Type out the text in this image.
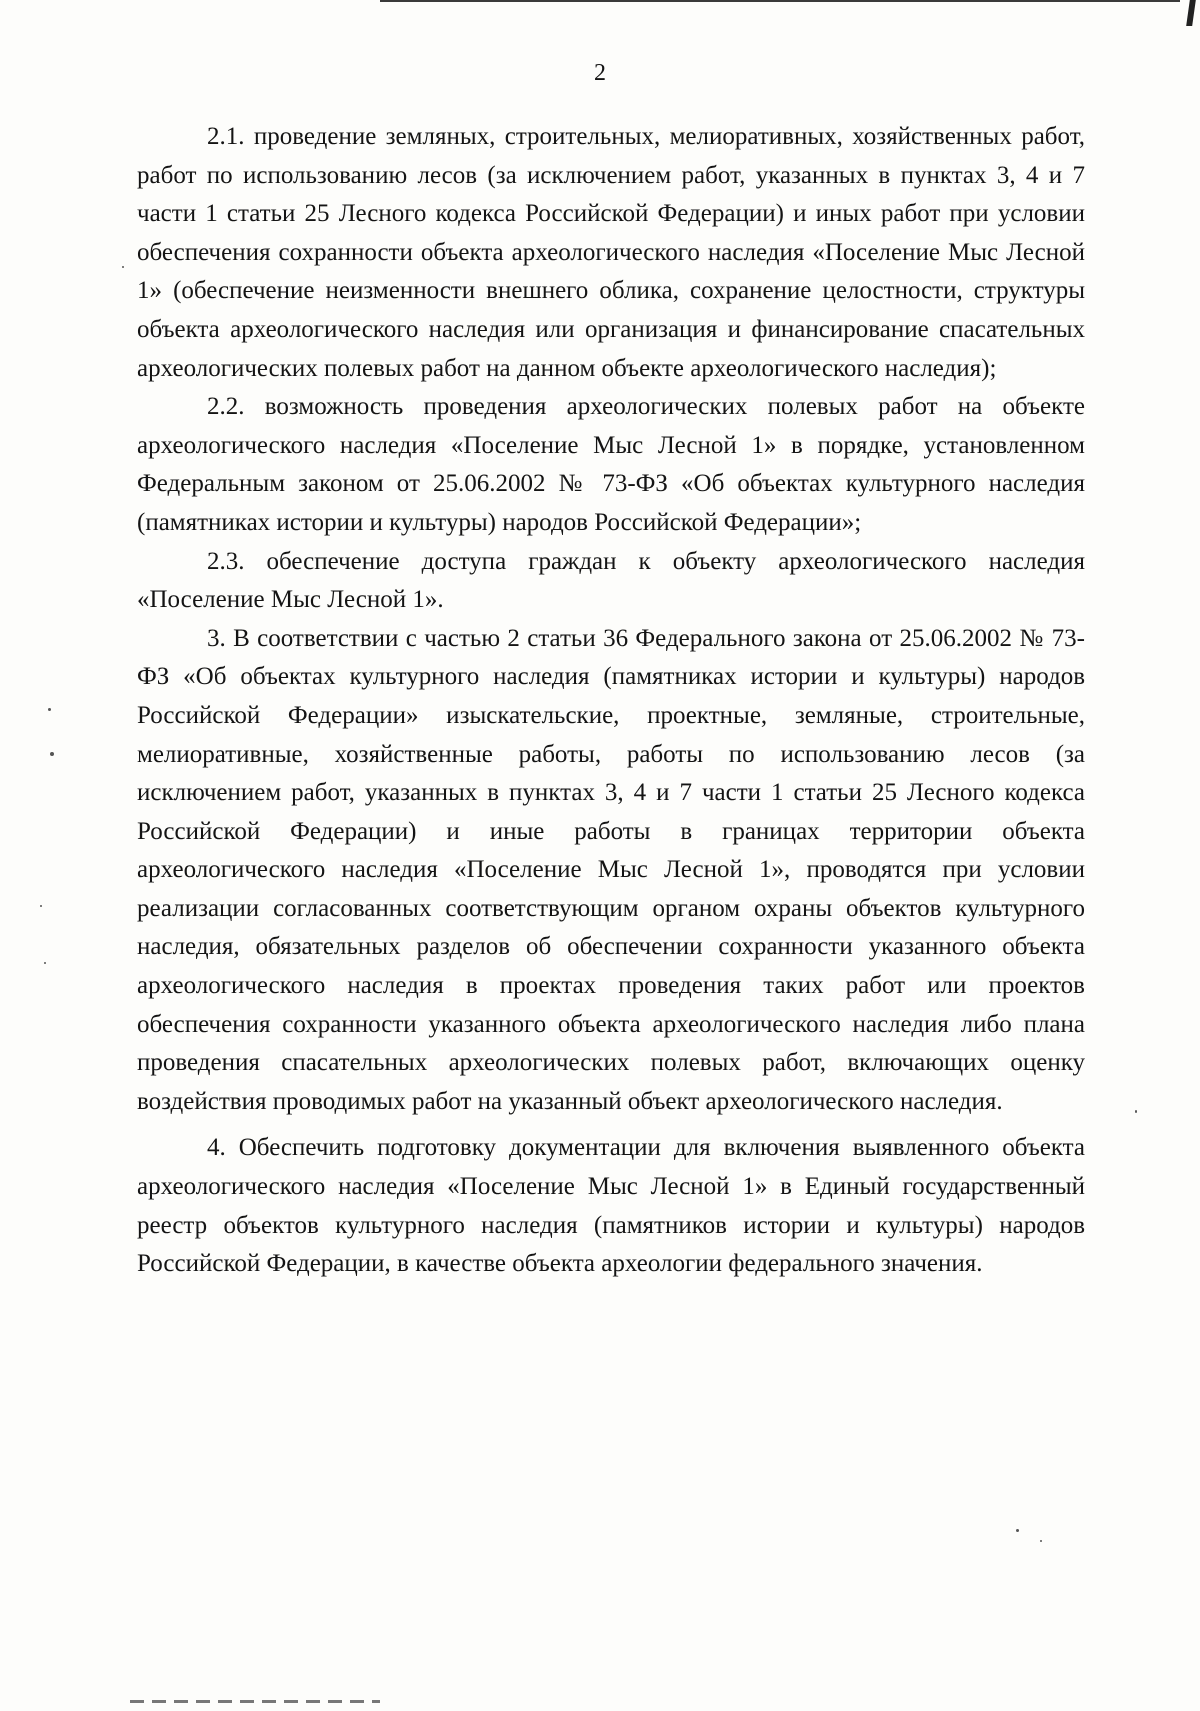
2

2.1. проведение земляных, строительных, мелиоративных, хозяйственных работ, работ по использованию лесов (за исключением работ, указанных в пунктах 3, 4 и 7 части 1 статьи 25 Лесного кодекса Российской Федерации) и иных работ при условии обеспечения сохранности объекта археологического наследия «Поселение Мыс Лесной 1» (обеспечение неизменности внешнего облика, сохранение целостности, структуры объекта археологического наследия или организация и финансирование спасательных археологических полевых работ на данном объекте археологического наследия);

2.2. возможность проведения археологических полевых работ на объекте археологического наследия «Поселение Мыс Лесной 1» в порядке, установленном Федеральным законом от 25.06.2002 № 73-ФЗ «Об объектах культурного наследия (памятниках истории и культуры) народов Российской Федерации»;

2.3. обеспечение доступа граждан к объекту археологического наследия «Поселение Мыс Лесной 1».

3. В соответствии с частью 2 статьи 36 Федерального закона от 25.06.2002 № 73-ФЗ «Об объектах культурного наследия (памятниках истории и культуры) народов Российской Федерации» изыскательские, проектные, земляные, строительные, мелиоративные, хозяйственные работы, работы по использованию лесов (за исключением работ, указанных в пунктах 3, 4 и 7 части 1 статьи 25 Лесного кодекса Российской Федерации) и иные работы в границах территории объекта археологического наследия «Поселение Мыс Лесной 1», проводятся при условии реализации согласованных соответствующим органом охраны объектов культурного наследия, обязательных разделов об обеспечении сохранности указанного объекта археологического наследия в проектах проведения таких работ или проектов обеспечения сохранности указанного объекта археологического наследия либо плана проведения спасательных археологических полевых работ, включающих оценку воздействия проводимых работ на указанный объект археологического наследия.

4. Обеспечить подготовку документации для включения выявленного объекта археологического наследия «Поселение Мыс Лесной 1» в Единый государственный реестр объектов культурного наследия (памятников истории и культуры) народов Российской Федерации, в качестве объекта археологии федерального значения.
